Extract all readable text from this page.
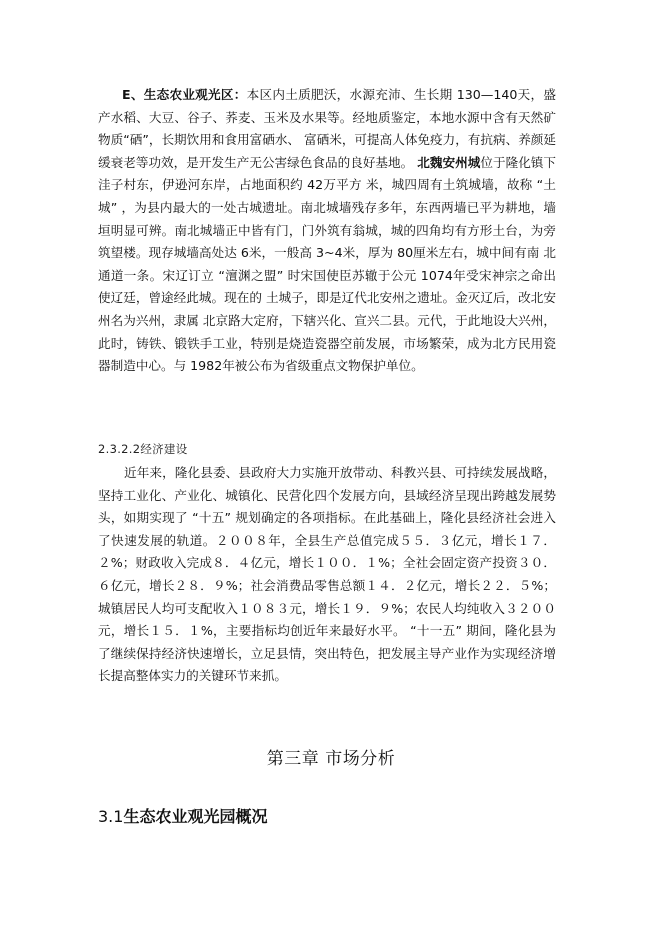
E、生态农业观光区：本区内土质肥沃，水源充沛、生长期 130—140天，盛产水稻、大豆、谷子、荞麦、玉米及水果等。经地质鉴定，本地水源中含有天然矿物质“硒”，长期饮用和食用富硒水、 富硒米，可提高人体免疫力，有抗病、养颜延缓衰老等功效，是开发生产无公害绿色食品的良好基地。 北魏安州城位于隆化镇下洼子村东，伊逊河东岸，占地面积约 42万平方 米，城四周有土筑城墙，故称 “土城” ，为县内最大的一处古城遗址。南北城墙残存多年，东西两墙已平为耕地，墙垣明显可辨。南北城墙正中皆有门，门外筑有翁城，城的四角均有方形土台，为旁筑望楼。现存城墙高处达 6米，一般高 3~4米，厚为 80厘米左右，城中间有南 北通道一条。宋辽订立 “澶渊之盟” 时宋国使臣苏辙于公元 1074年受宋神宗之命出使辽廷，曾途经此城。现在的 土城子，即是辽代北安州之遗址。金灭辽后，改北安州名为兴州，隶属 北京路大定府，下辖兴化、宣兴二县。元代，于此地设大兴州，此时，铸铁、锻铁手工业，特别是烧造瓷器空前发展，市场繁荣，成为北方民用瓷器制造中心。与 1982年被公布为省级重点文物保护单位。

2.3.2.2经济建设

近年来，隆化县委、县政府大力实施开放带动、科教兴县、可持续发展战略，坚持工业化、产业化、城镇化、民营化四个发展方向，县域经济呈现出跨越发展势头，如期实现了 “十五” 规划确定的各项指标。在此基础上，隆化县经济社会进入了快速发展的轨道。２００８年，全县生产总值完成５５．３亿元，增长１７．２%；财政收入完成８．４亿元，增长１００．１%；全社会固定资产投资３０．６亿元，增长２８．９%；社会消费品零售总额１４．２亿元，增长２２．５%；城镇居民人均可支配收入１０８３元，增长１９．９%；农民人均纯收入３２００元，增长１５．１%，主要指标均创近年来最好水平。 “十一五” 期间，隆化县为了继续保持经济快速增长，立足县情，突出特色，把发展主导产业作为实现经济增长提高整体实力的关键环节来抓。

第三章 市场分析
3.1生态农业观光园概况
